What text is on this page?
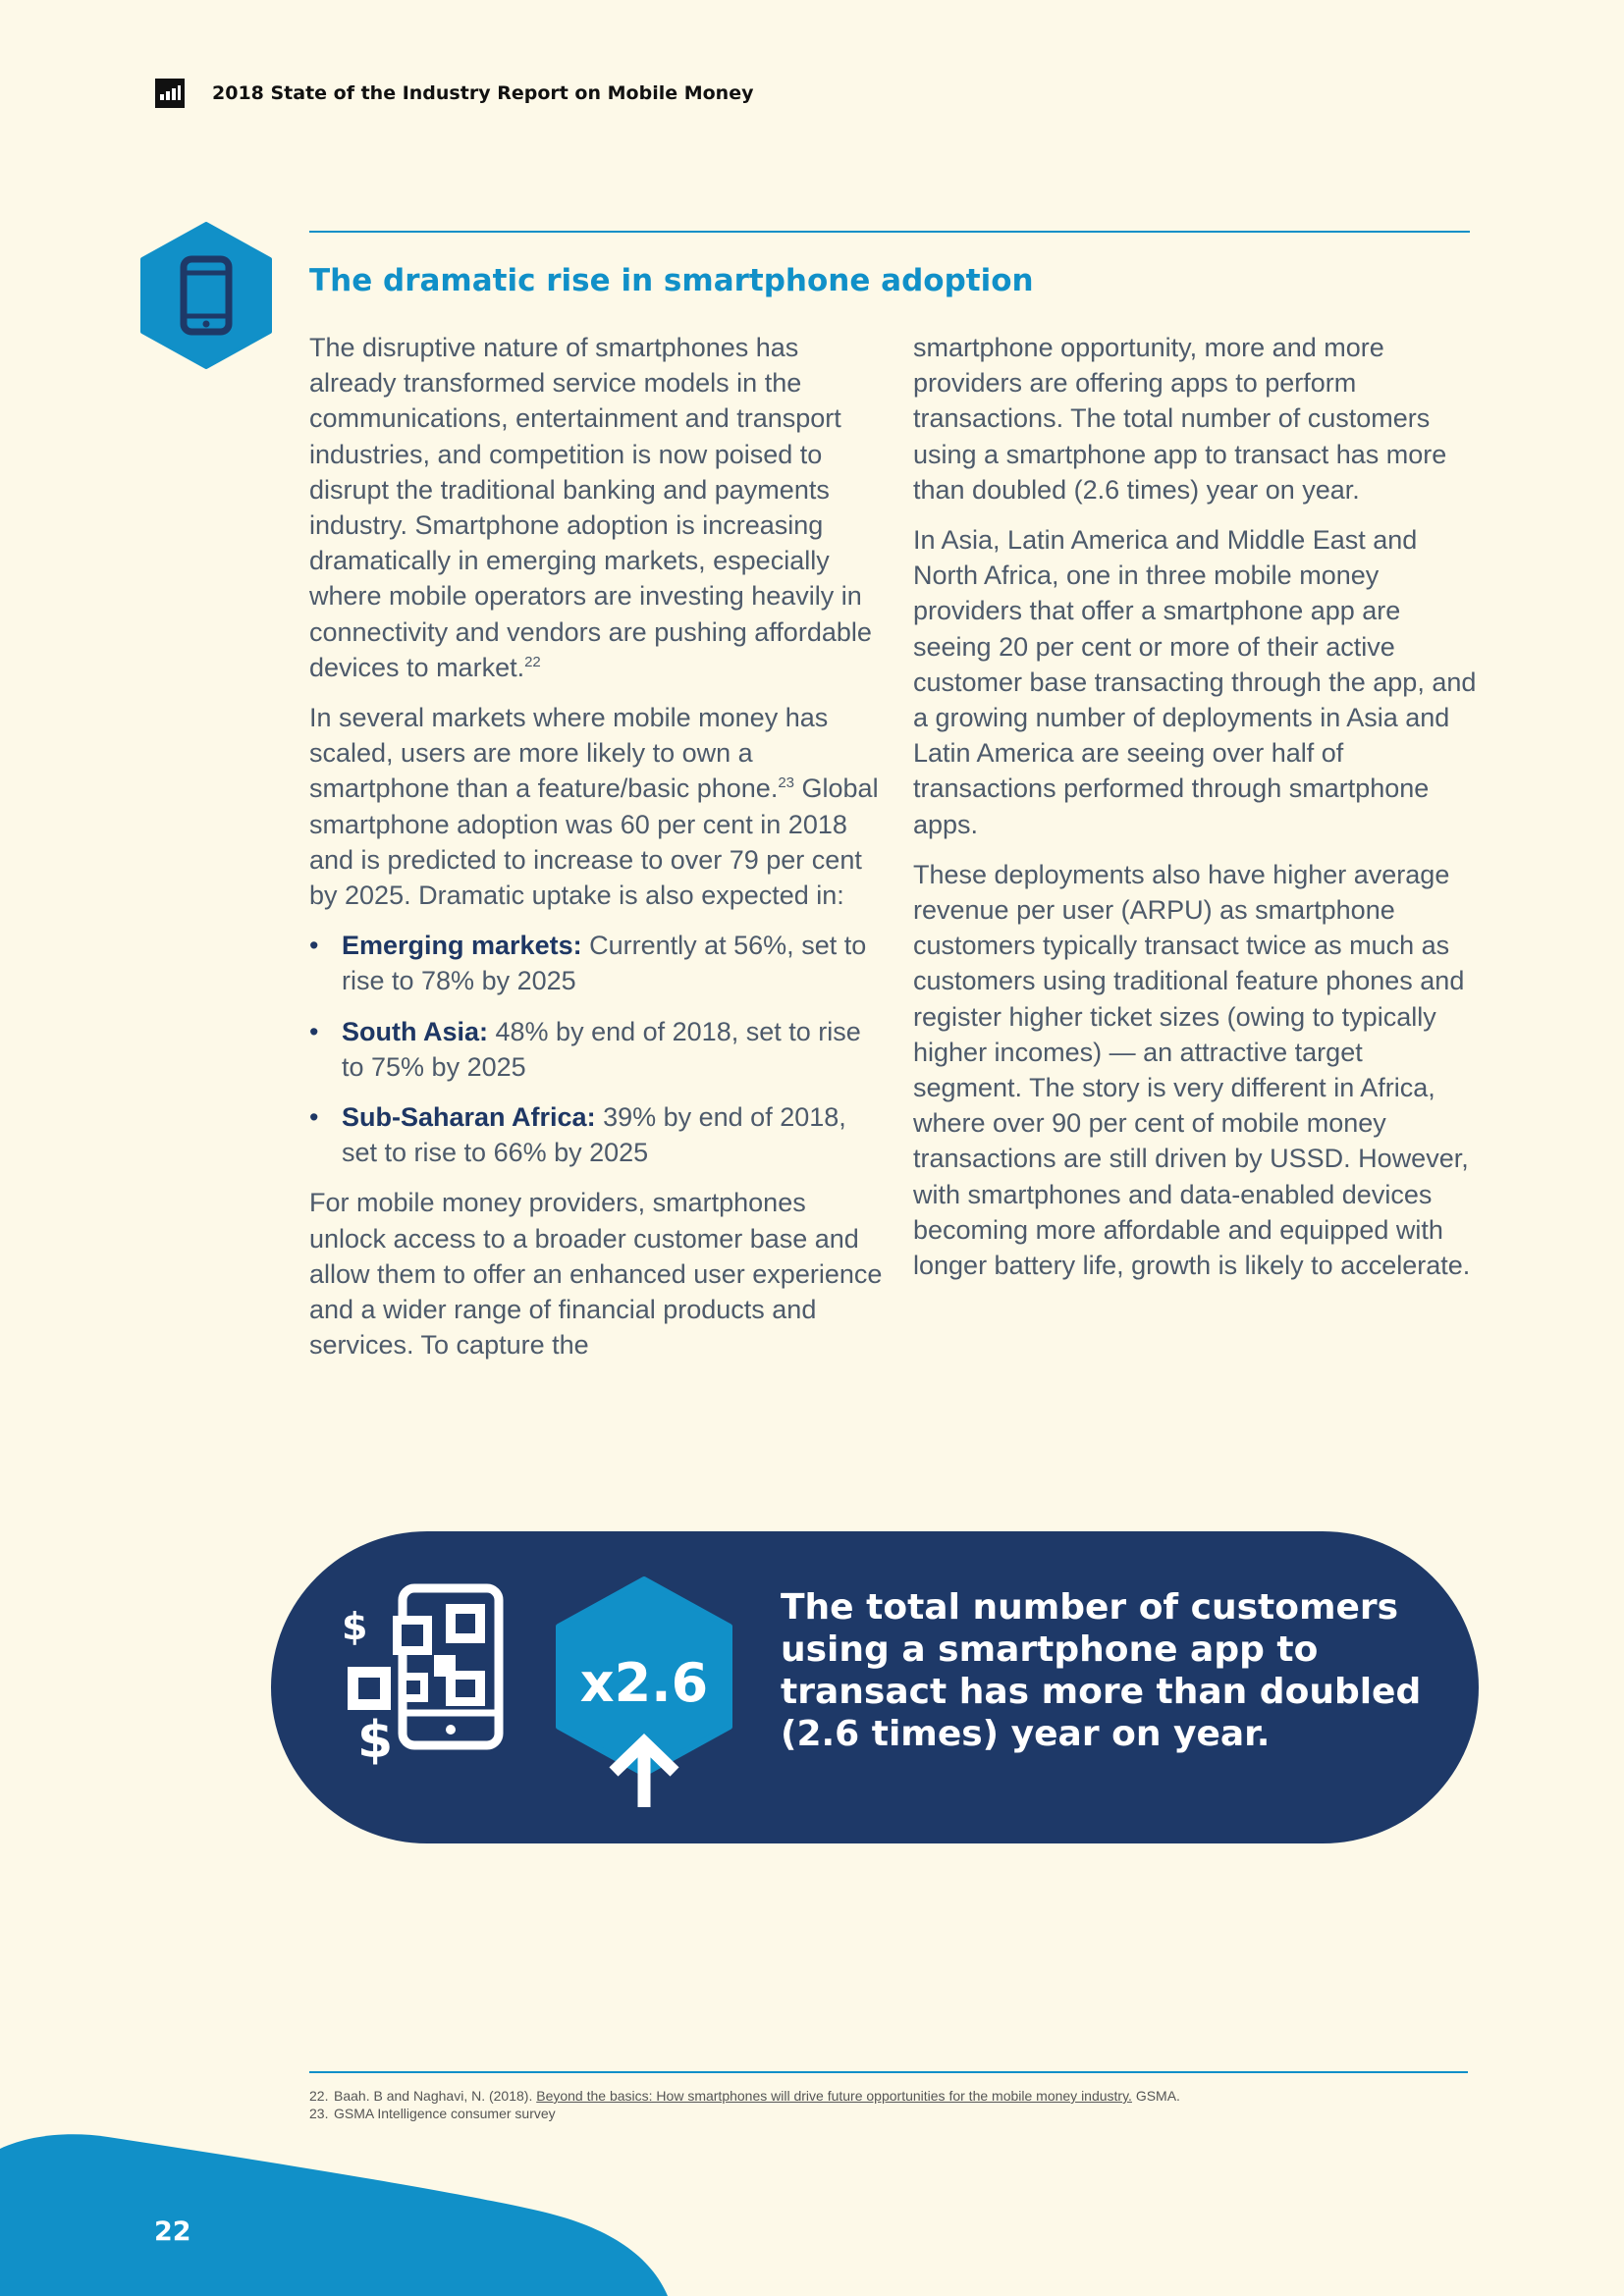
2018 State of the Industry Report on Mobile Money
The dramatic rise in smartphone adoption

The disruptive nature of smartphones has already transformed service models in the communications, entertainment and transport industries, and competition is now poised to disrupt the traditional banking and payments industry. Smartphone adoption is increasing dramatically in emerging markets, especially where mobile operators are investing heavily in connectivity and vendors are pushing affordable devices to market.$^{22}$

In several markets where mobile money has scaled, users are more likely to own a smartphone than a feature/basic phone.$^{23}$ Global smartphone adoption was 60 per cent in 2018 and is predicted to increase to over 79 per cent by 2025. Dramatic uptake is also expected in:

• Emerging markets: Currently at 56%, set to rise to 78% by 2025
• South Asia: 48% by end of 2018, set to rise to 75% by 2025
• Sub-Saharan Africa: 39% by end of 2018, set to rise to 66% by 2025

For mobile money providers, smartphones unlock access to a broader customer base and allow them to offer an enhanced user experience and a wider range of financial products and services. To capture the

smartphone opportunity, more and more providers are offering apps to perform transactions. The total number of customers using a smartphone app to transact has more than doubled (2.6 times) year on year.

In Asia, Latin America and Middle East and North Africa, one in three mobile money providers that offer a smartphone app are seeing 20 per cent or more of their active customer base transacting through the app, and a growing number of deployments in Asia and Latin America are seeing over half of transactions performed through smartphone apps.

These deployments also have higher average revenue per user (ARPU) as smartphone customers typically transact twice as much as customers using traditional feature phones and register higher ticket sizes (owing to typically higher incomes) — an attractive target segment. The story is very different in Africa, where over 90 per cent of mobile money transactions are still driven by USSD. However, with smartphones and data-enabled devices becoming more affordable and equipped with longer battery life, growth is likely to accelerate.

$
$
x2.6

The total number of customers using a smartphone app to transact has more than doubled (2.6 times) year on year.

22. Baah. B and Naghavi, N. (2018). Beyond the basics: How smartphones will drive future opportunities for the mobile money industry. GSMA.
23. GSMA Intelligence consumer survey
22
